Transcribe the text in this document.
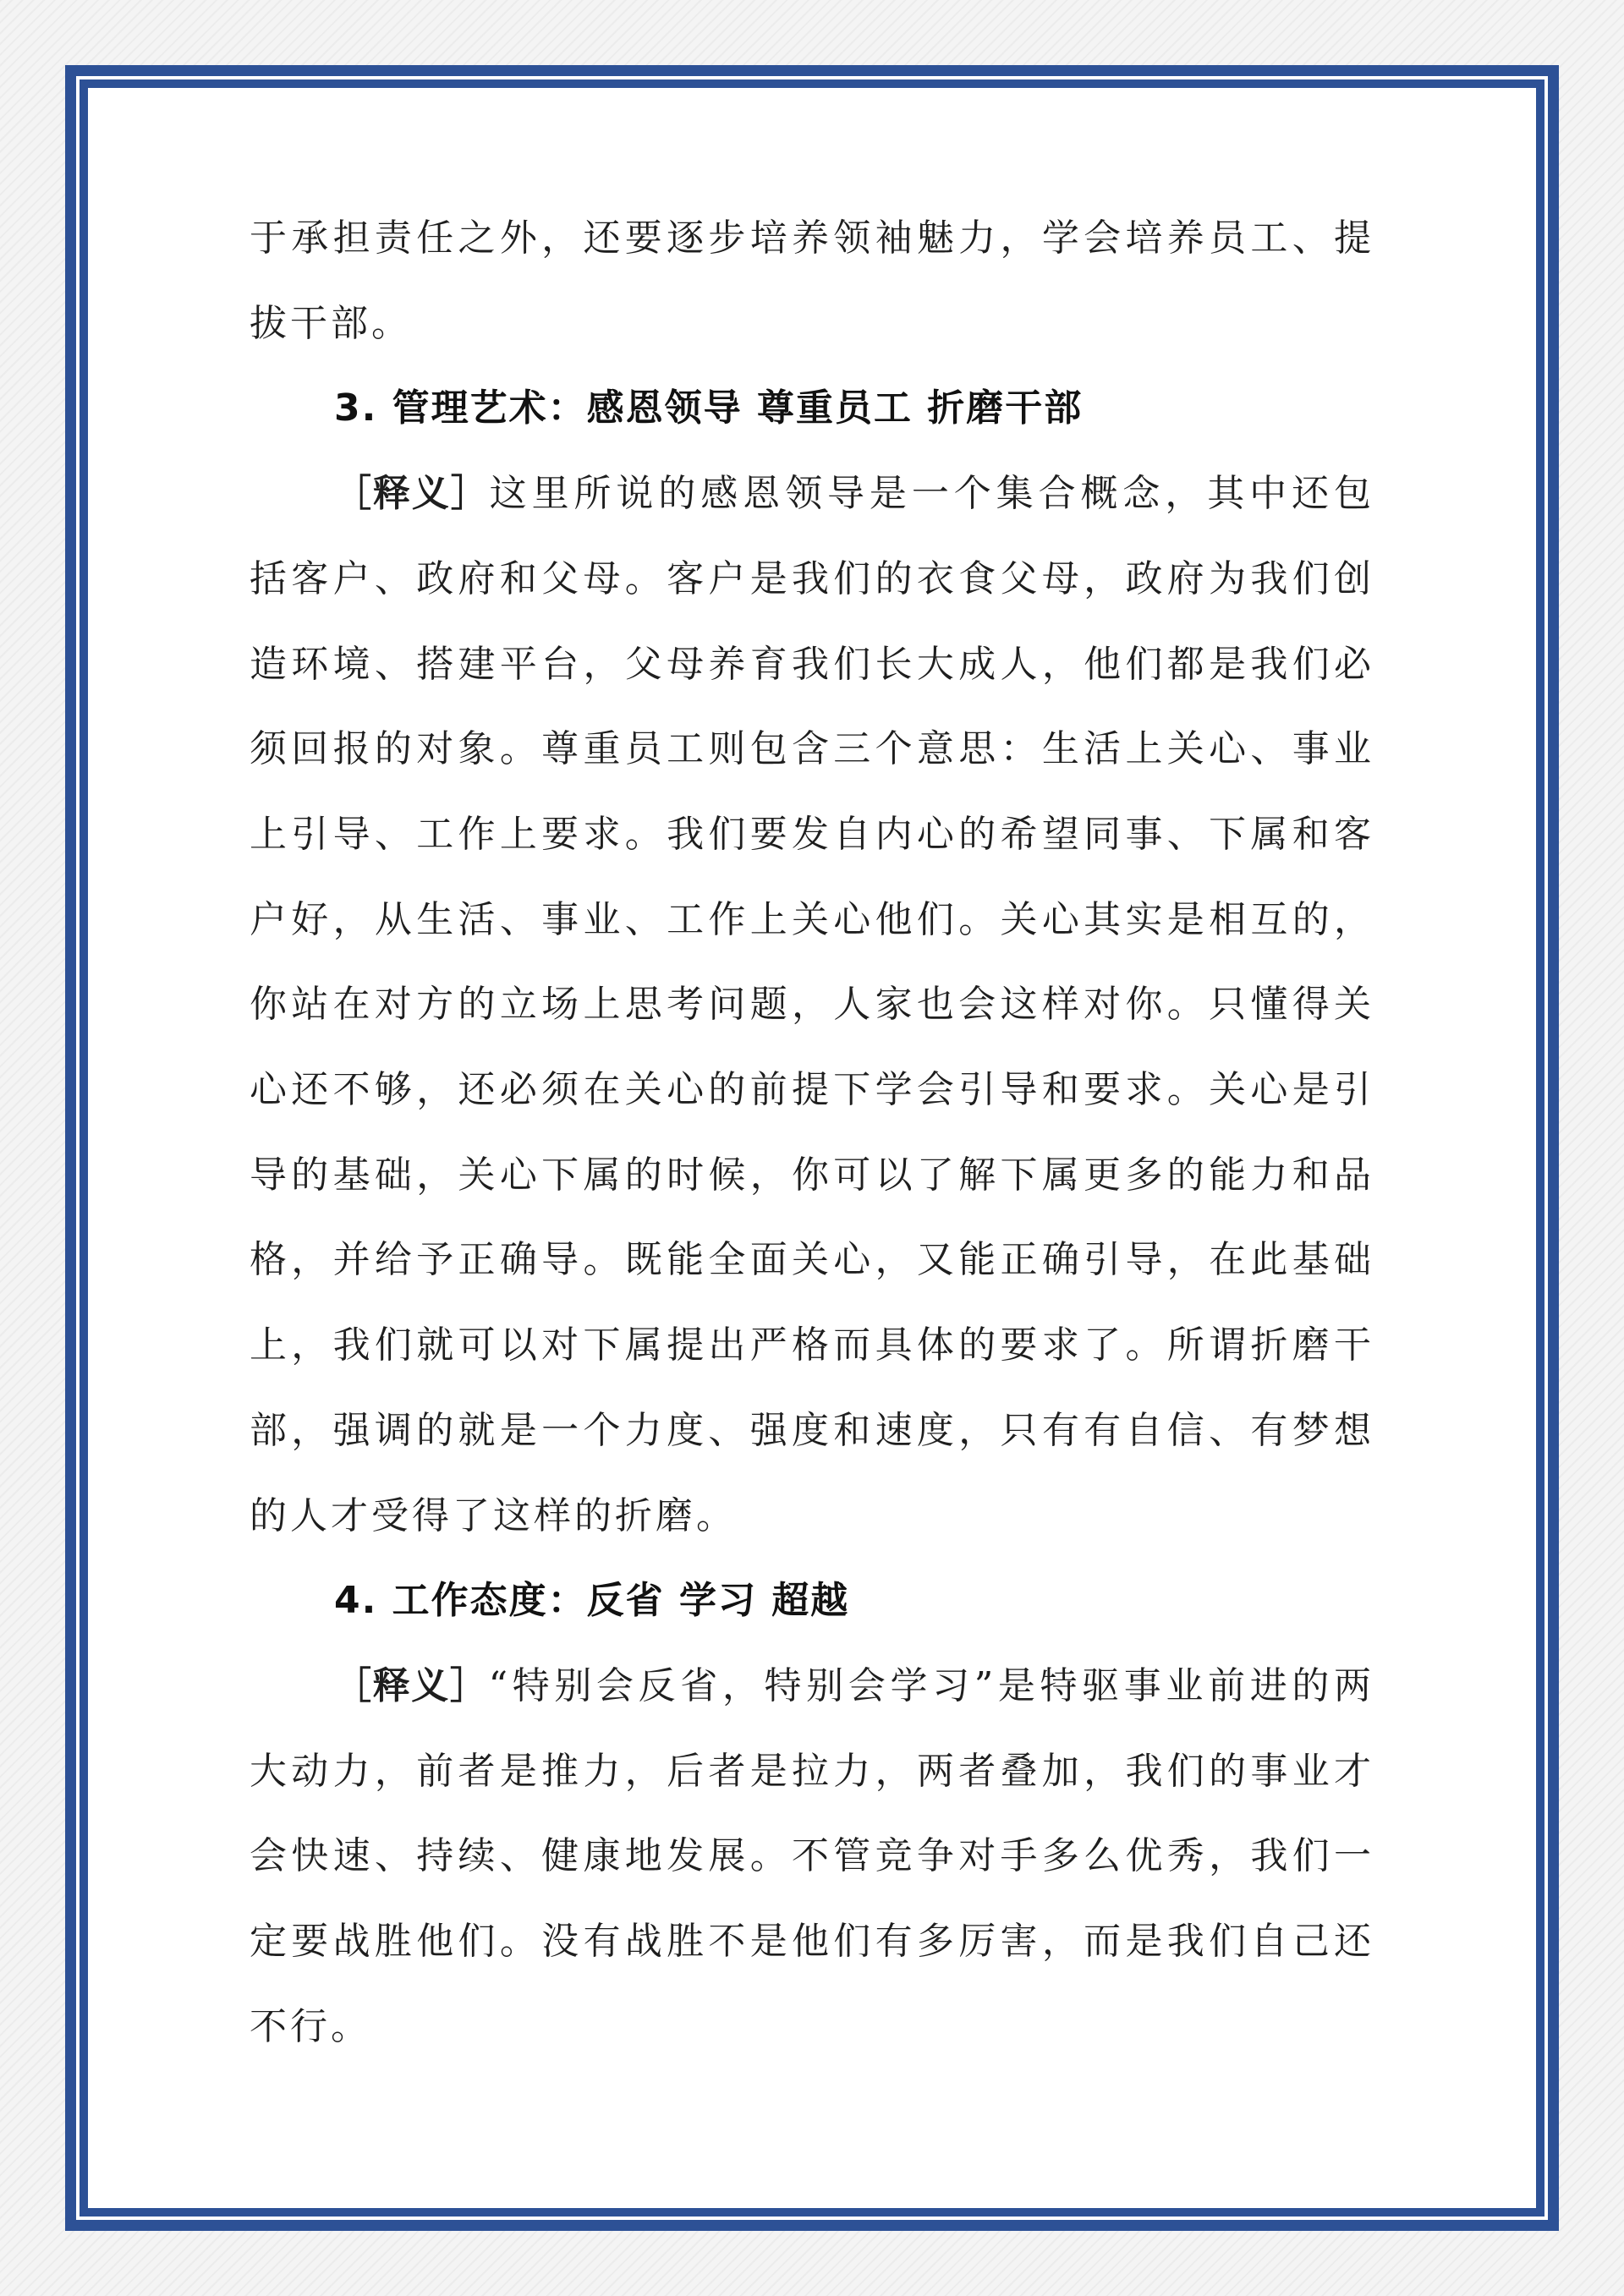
于承担责任之外，还要逐步培养领袖魅力，学会培养员工、提拔干部。

3. 管理艺术：感恩领导 尊重员工 折磨干部

［释义］这里所说的感恩领导是一个集合概念，其中还包括客户、政府和父母。客户是我们的衣食父母，政府为我们创造环境、搭建平台，父母养育我们长大成人，他们都是我们必须回报的对象。尊重员工则包含三个意思：生活上关心、事业上引导、工作上要求。我们要发自内心的希望同事、下属和客户好，从生活、事业、工作上关心他们。关心其实是相互的，你站在对方的立场上思考问题，人家也会这样对你。只懂得关心还不够，还必须在关心的前提下学会引导和要求。关心是引导的基础，关心下属的时候，你可以了解下属更多的能力和品格，并给予正确导。既能全面关心，又能正确引导，在此基础上，我们就可以对下属提出严格而具体的要求了。所谓折磨干部，强调的就是一个力度、强度和速度，只有有自信、有梦想的人才受得了这样的折磨。

4. 工作态度：反省 学习 超越

［释义］“特别会反省，特别会学习”是特驱事业前进的两大动力，前者是推力，后者是拉力，两者叠加，我们的事业才会快速、持续、健康地发展。不管竞争对手多么优秀，我们一定要战胜他们。没有战胜不是他们有多厉害，而是我们自己还不行。
